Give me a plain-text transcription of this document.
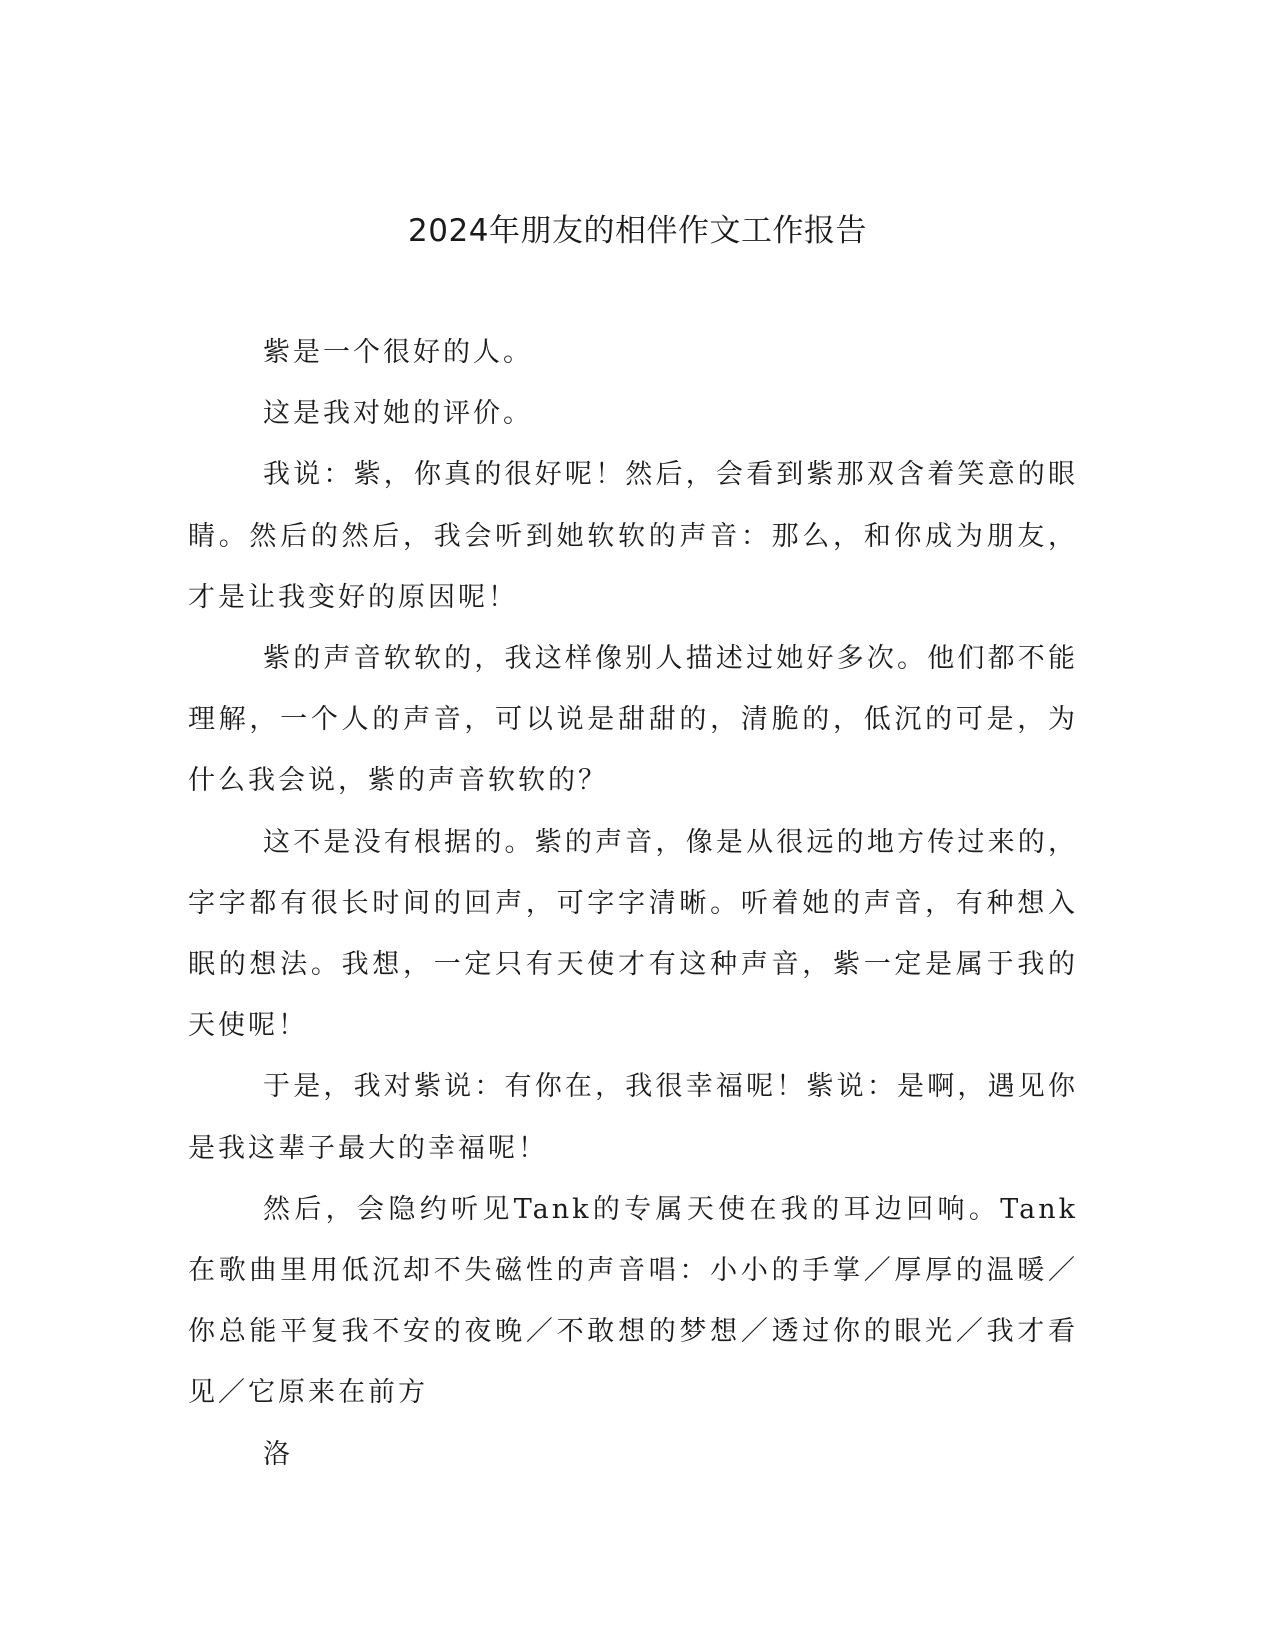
2024年朋友的相伴作文工作报告

紫是一个很好的人。

这是我对她的评价。

我说：紫，你真的很好呢！然后，会看到紫那双含着笑意的眼睛。然后的然后，我会听到她软软的声音：那么，和你成为朋友，才是让我变好的原因呢！

紫的声音软软的，我这样像别人描述过她好多次。他们都不能理解，一个人的声音，可以说是甜甜的，清脆的，低沉的可是，为什么我会说，紫的声音软软的？

这不是没有根据的。紫的声音，像是从很远的地方传过来的，字字都有很长时间的回声，可字字清晰。听着她的声音，有种想入眠的想法。我想，一定只有天使才有这种声音，紫一定是属于我的天使呢！

于是，我对紫说：有你在，我很幸福呢！紫说：是啊，遇见你是我这辈子最大的幸福呢！

然后，会隐约听见Tank的专属天使在我的耳边回响。Tank在歌曲里用低沉却不失磁性的声音唱：小小的手掌／厚厚的温暖／你总能平复我不安的夜晚／不敢想的梦想／透过你的眼光／我才看见／它原来在前方

洛
